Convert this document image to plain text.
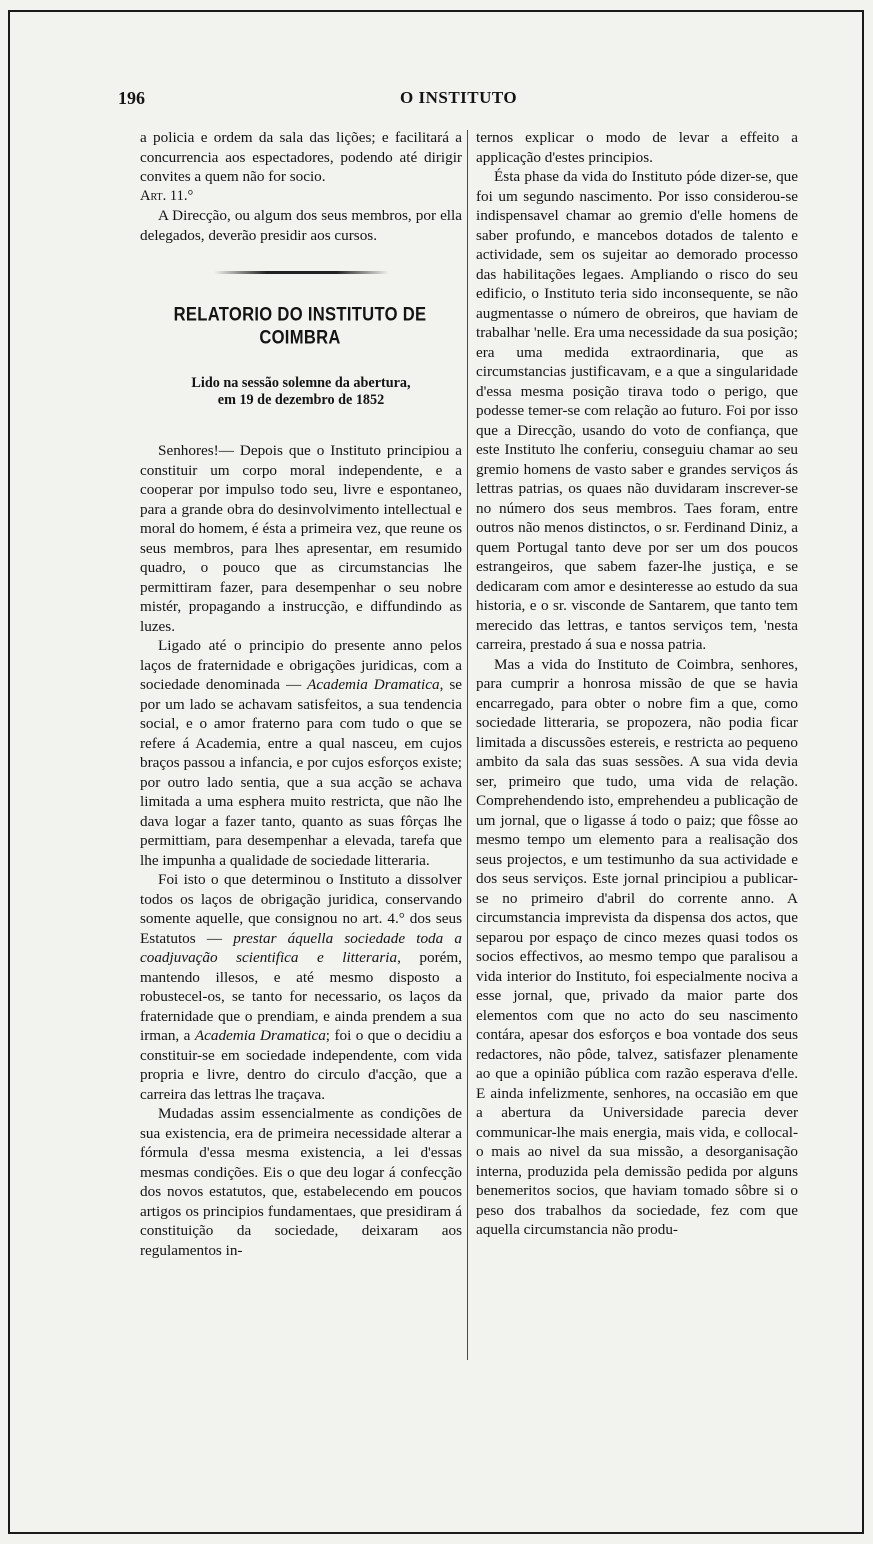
196	O INSTITUTO

a policia e ordem da sala das lições; e facilitará a concurrencia aos espectadores, podendo até dirigir convites a quem não for socio.

Art. 11.°

A Direcção, ou algum dos seus membros, por ella delegados, deverão presidir aos cursos.

RELATORIO DO INSTITUTO DE COIMBRA
Lido na sessão solemne da abertura,
em 19 de dezembro de 1852

Senhores!— Depois que o Instituto principiou a constituir um corpo moral independente, e a cooperar por impulso todo seu, livre e espontaneo, para a grande obra do desinvolvimento intellectual e moral do homem, é ésta a primeira vez, que reune os seus membros, para lhes apresentar, em resumido quadro, o pouco que as circumstancias lhe permittiram fazer, para desempenhar o seu nobre mistér, propagando a instrucção, e diffundindo as luzes.

Ligado até o principio do presente anno pelos laços de fraternidade e obrigações juridicas, com a sociedade denominada — Academia Dramatica, se por um lado se achavam satisfeitos, a sua tendencia social, e o amor fraterno para com tudo o que se refere á Academia, entre a qual nasceu, em cujos braços passou a infancia, e por cujos esforços existe; por outro lado sentia, que a sua acção se achava limitada a uma esphera muito restricta, que não lhe dava logar a fazer tanto, quanto as suas fôrças lhe permittiam, para desempenhar a elevada, tarefa que lhe impunha a qualidade de sociedade litteraria.

Foi isto o que determinou o Instituto a dissolver todos os laços de obrigação juridica, conservando somente aquelle, que consignou no art. 4.° dos seus Estatutos — prestar áquella sociedade toda a coadjuvação scientifica e litteraria, porém, mantendo illesos, e até mesmo disposto a robustecel-os, se tanto for necessario, os laços da fraternidade que o prendiam, e ainda prendem a sua irman, a Academia Dramatica; foi o que o decidiu a constituir-se em sociedade independente, com vida propria e livre, dentro do circulo d'acção, que a carreira das lettras lhe traçava.

Mudadas assim essencialmente as condições de sua existencia, era de primeira necessidade alterar a fórmula d'essa mesma existencia, a lei d'essas mesmas condições. Eis o que deu logar á confecção dos novos estatutos, que, estabelecendo em poucos artigos os principios fundamentaes, que presidiram á constituição da sociedade, deixaram aos regulamentos in-

ternos explicar o modo de levar a effeito a applicação d'estes principios.

Ésta phase da vida do Instituto póde dizer-se, que foi um segundo nascimento. Por isso considerou-se indispensavel chamar ao gremio d'elle homens de saber profundo, e mancebos dotados de talento e actividade, sem os sujeitar ao demorado processo das habilitações legaes. Ampliando o risco do seu edificio, o Instituto teria sido inconsequente, se não augmentasse o número de obreiros, que haviam de trabalhar 'nelle. Era uma necessidade da sua posição; era uma medida extraordinaria, que as circumstancias justificavam, e a que a singularidade d'essa mesma posição tirava todo o perigo, que podesse temer-se com relação ao futuro. Foi por isso que a Direcção, usando do voto de confiança, que este Instituto lhe conferiu, conseguiu chamar ao seu gremio homens de vasto saber e grandes serviços ás lettras patrias, os quaes não duvidaram inscrever-se no número dos seus membros. Taes foram, entre outros não menos distinctos, o sr. Ferdinand Diniz, a quem Portugal tanto deve por ser um dos poucos estrangeiros, que sabem fazer-lhe justiça, e se dedicaram com amor e desinteresse ao estudo da sua historia, e o sr. visconde de Santarem, que tanto tem merecido das lettras, e tantos serviços tem, 'nesta carreira, prestado á sua e nossa patria.

Mas a vida do Instituto de Coimbra, senhores, para cumprir a honrosa missão de que se havia encarregado, para obter o nobre fim a que, como sociedade litteraria, se propozera, não podia ficar limitada a discussões estereis, e restricta ao pequeno ambito da sala das suas sessões. A sua vida devia ser, primeiro que tudo, uma vida de relação. Comprehendendo isto, emprehendeu a publicação de um jornal, que o ligasse á todo o paiz; que fôsse ao mesmo tempo um elemento para a realisação dos seus projectos, e um testimunho da sua actividade e dos seus serviços. Este jornal principiou a publicar-se no primeiro d'abril do corrente anno. A circumstancia imprevista da dispensa dos actos, que separou por espaço de cinco mezes quasi todos os socios effectivos, ao mesmo tempo que paralisou a vida interior do Instituto, foi especialmente nociva a esse jornal, que, privado da maior parte dos elementos com que no acto do seu nascimento contára, apesar dos esforços e boa vontade dos seus redactores, não pôde, talvez, satisfazer plenamente ao que a opinião pública com razão esperava d'elle. E ainda infelizmente, senhores, na occasião em que a abertura da Universidade parecia dever communicar-lhe mais energia, mais vida, e collocal-o mais ao nivel da sua missão, a desorganisação interna, produzida pela demissão pedida por alguns benemeritos socios, que haviam tomado sôbre si o peso dos trabalhos da sociedade, fez com que aquella circumstancia não produ-
